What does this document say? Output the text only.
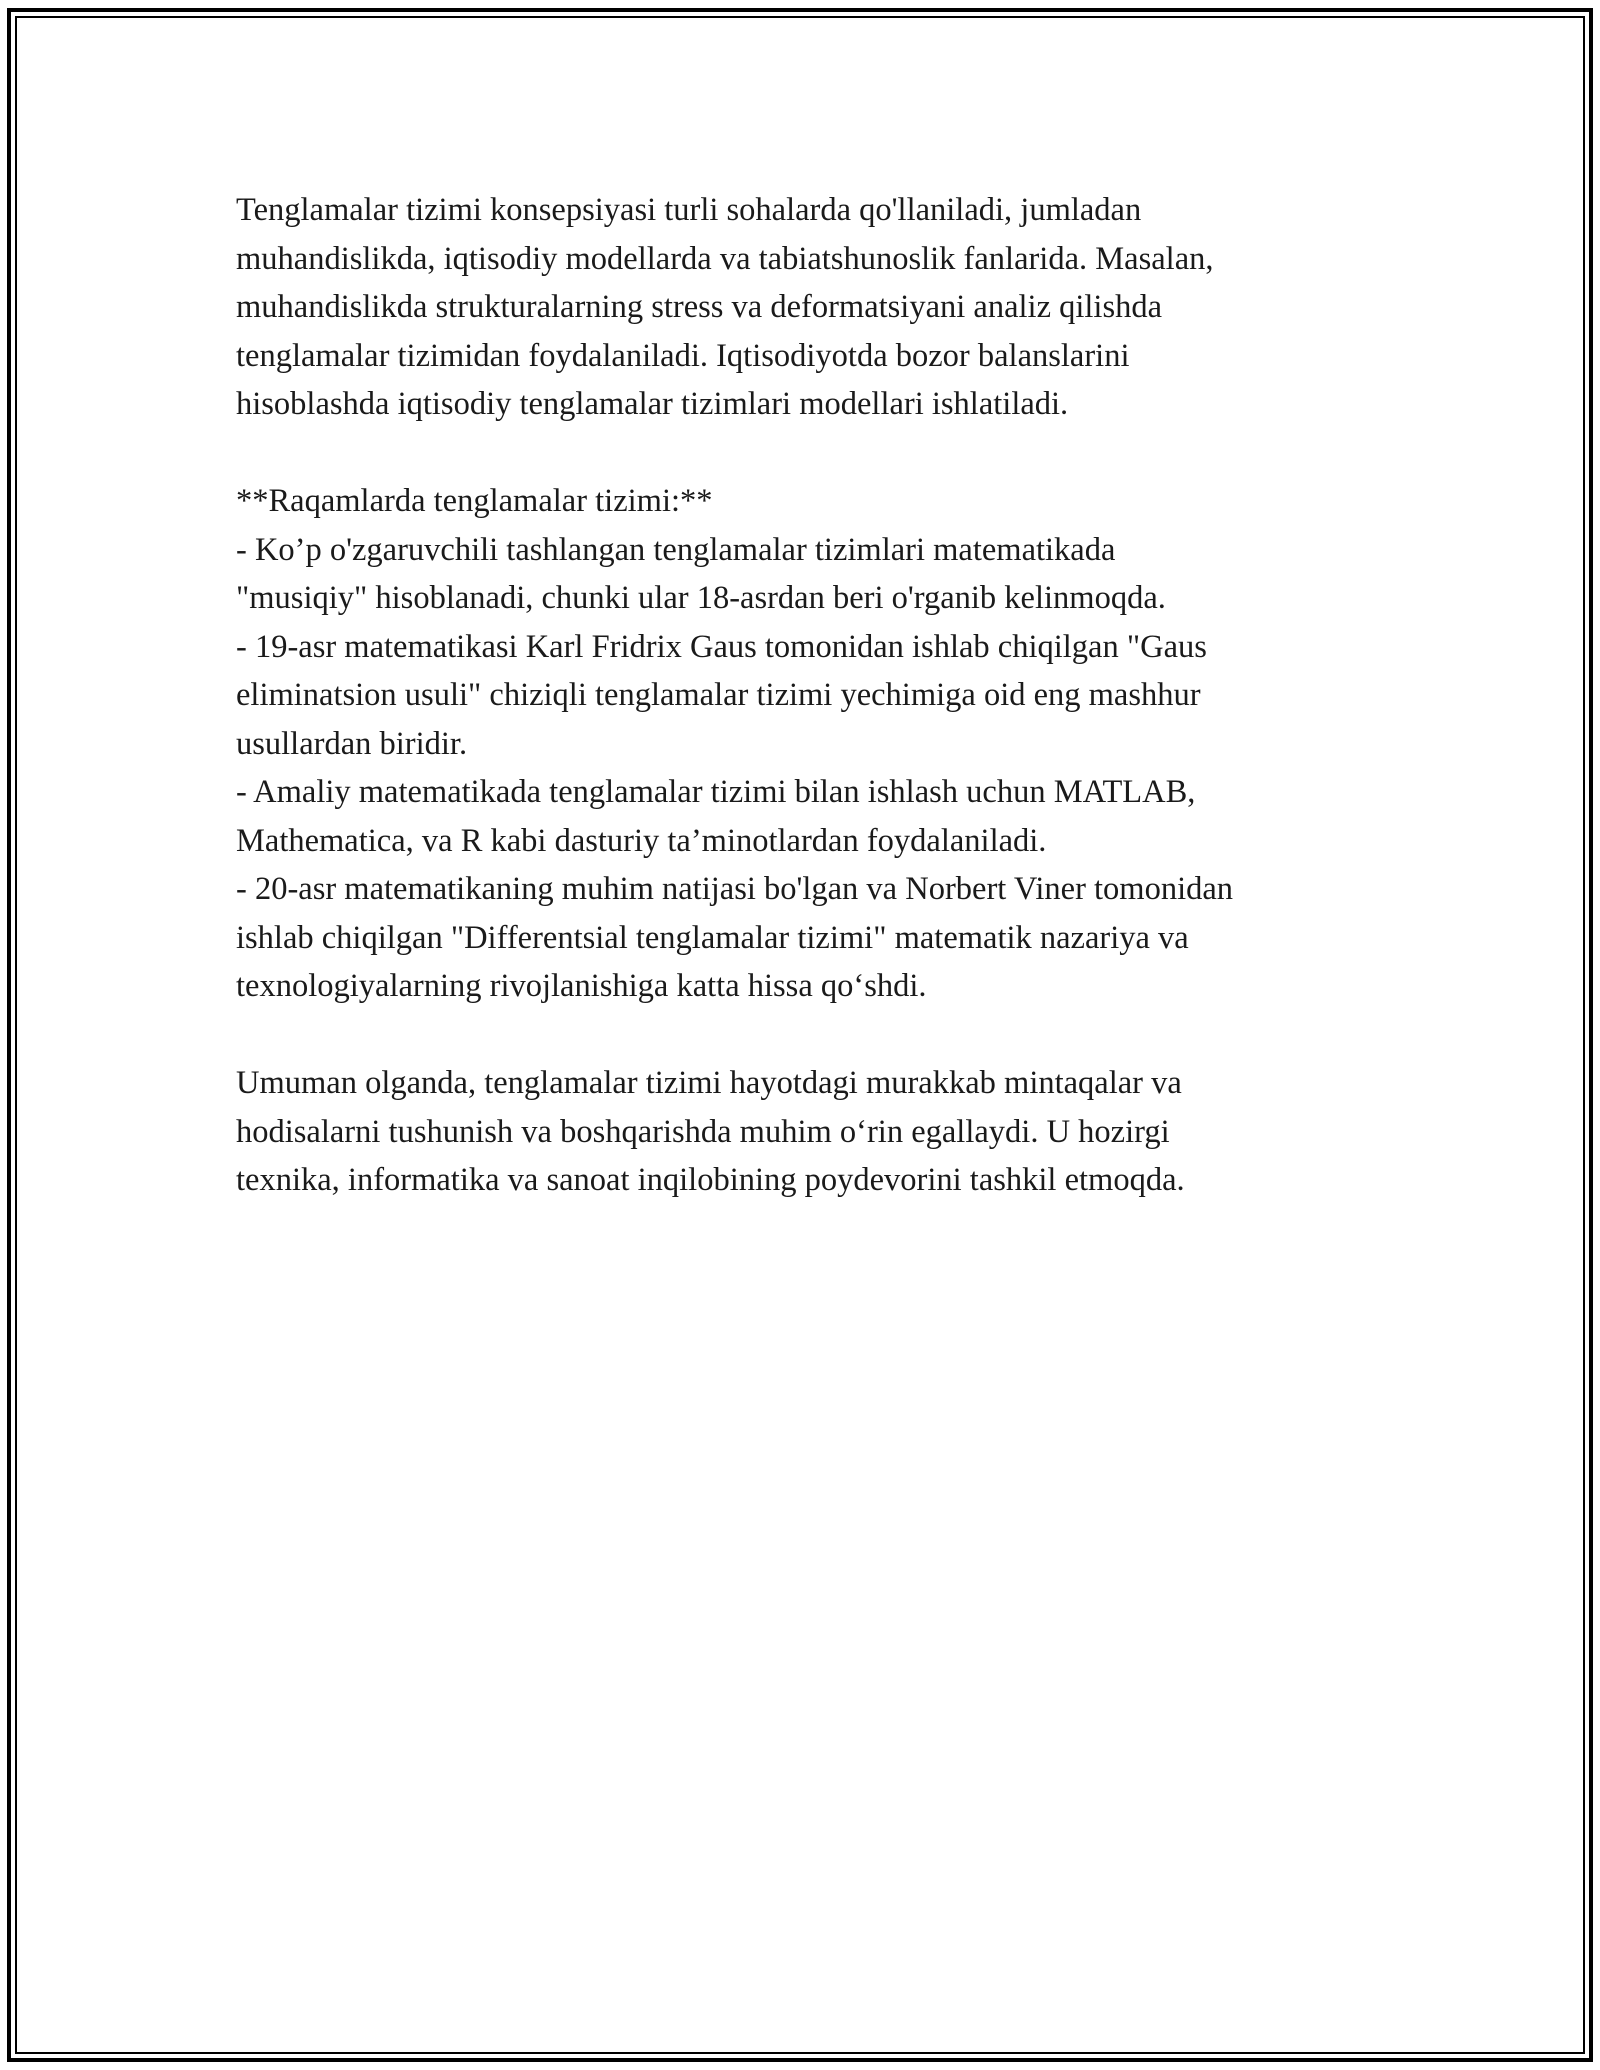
Tenglamalar tizimi konsepsiyasi turli sohalarda qo'llaniladi, jumladan
muhandislikda, iqtisodiy modellarda va tabiatshunoslik fanlarida. Masalan,
muhandislikda strukturalarning stress va deformatsiyani analiz qilishda
tenglamalar tizimidan foydalaniladi. Iqtisodiyotda bozor balanslarini
hisoblashda iqtisodiy tenglamalar tizimlari modellari ishlatiladi.

**Raqamlarda tenglamalar tizimi:**

- Ko’p o'zgaruvchili tashlangan tenglamalar tizimlari matematikada
"musiqiy" hisoblanadi, chunki ular 18-asrdan beri o'rganib kelinmoqda.

- 19-asr matematikasi Karl Fridrix Gaus tomonidan ishlab chiqilgan "Gaus
eliminatsion usuli" chiziqli tenglamalar tizimi yechimiga oid eng mashhur
usullardan biridir.

- Amaliy matematikada tenglamalar tizimi bilan ishlash uchun MATLAB,
Mathematica, va R kabi dasturiy ta’minotlardan foydalaniladi.

- 20-asr matematikaning muhim natijasi bo'lgan va Norbert Viner tomonidan
ishlab chiqilgan "Differentsial tenglamalar tizimi" matematik nazariya va
texnologiyalarning rivojlanishiga katta hissa qo‘shdi.

Umuman olganda, tenglamalar tizimi hayotdagi murakkab mintaqalar va
hodisalarni tushunish va boshqarishda muhim o‘rin egallaydi. U hozirgi
texnika, informatika va sanoat inqilobining poydevorini tashkil etmoqda.
